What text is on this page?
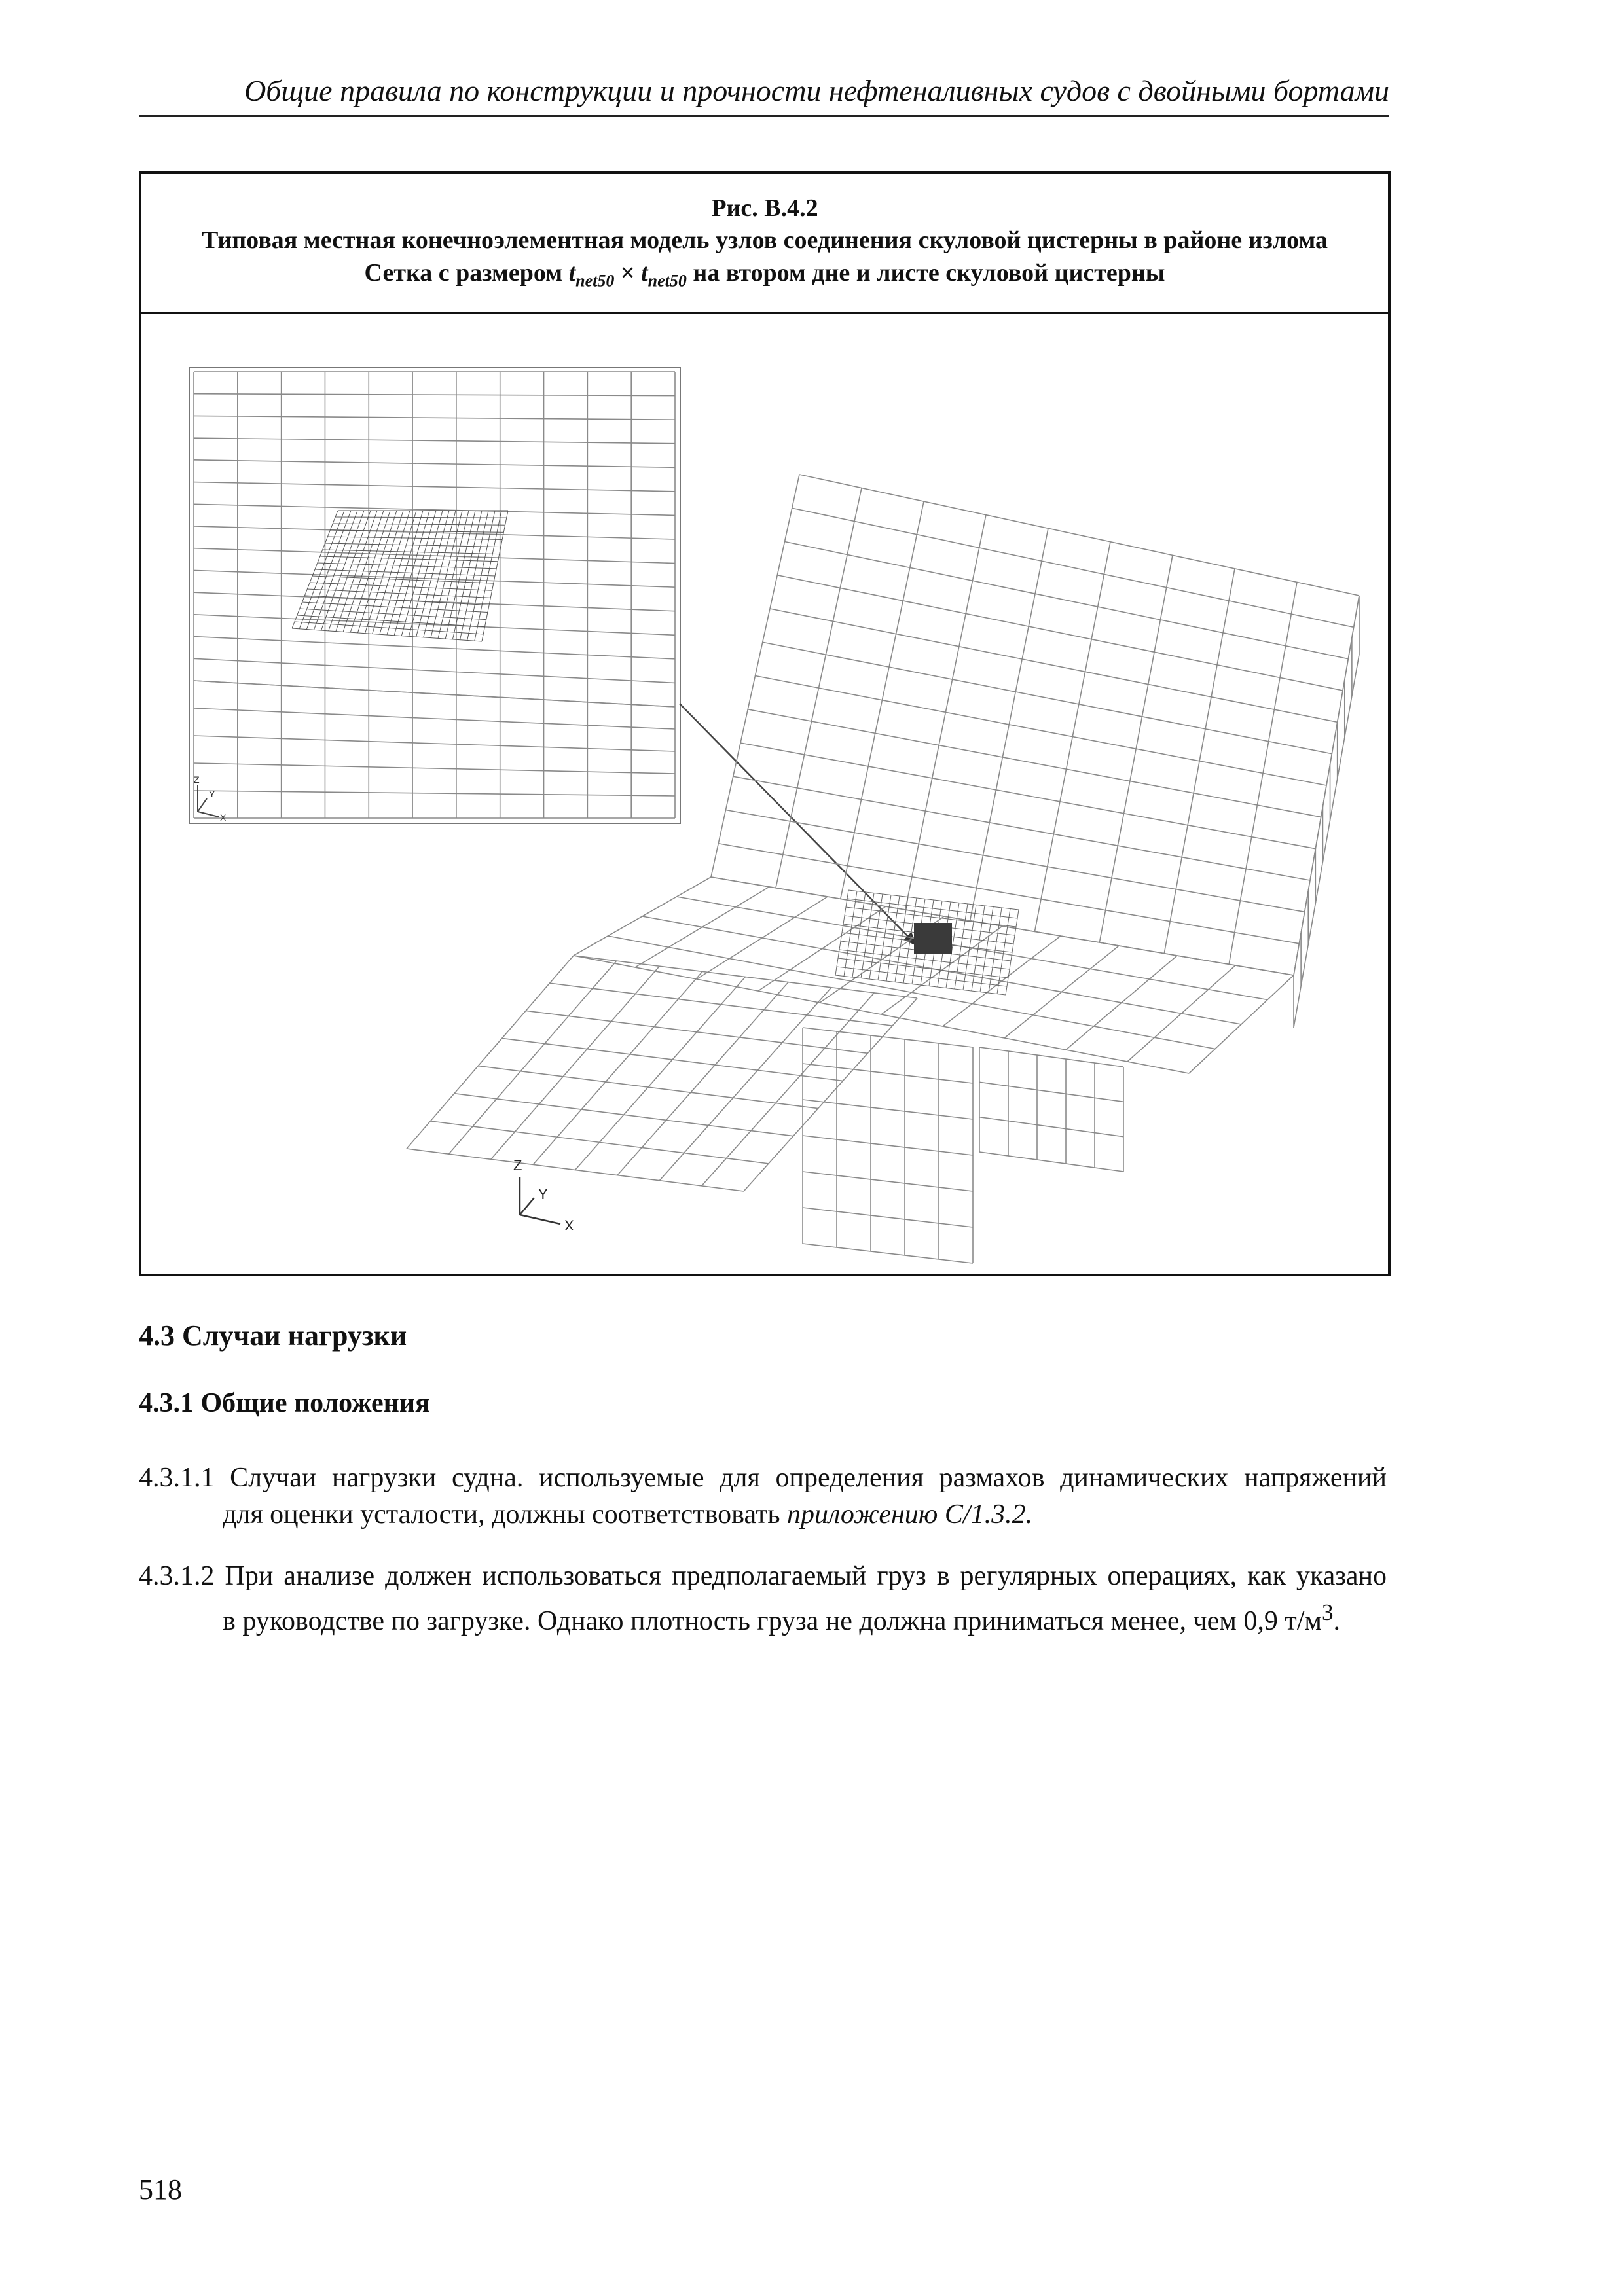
Общие правила по конструкции и прочности нефтеналивных судов с двойными бортами
Рис. В.4.2
Типовая местная конечноэлементная модель узлов соединения скуловой цистерны в районе излома
Сетка с размером $t_{net50} \times t_{net50}$ на втором дне и листе скуловой цистерны
Z
Y
X
Z
Y
X
4.3 Случаи нагрузки
4.3.1 Общие положения
4.3.1.1 Случаи нагрузки судна. используемые для определения размахов динамических напряжений
для оценки усталости, должны соответствовать приложению С/1.3.2.
4.3.1.2 При анализе должен использоваться предполагаемый груз в регулярных операциях, как указано
в руководстве по загрузке. Однако плотность груза не должна приниматься менее, чем 0,9 $т/м^3$.
518
